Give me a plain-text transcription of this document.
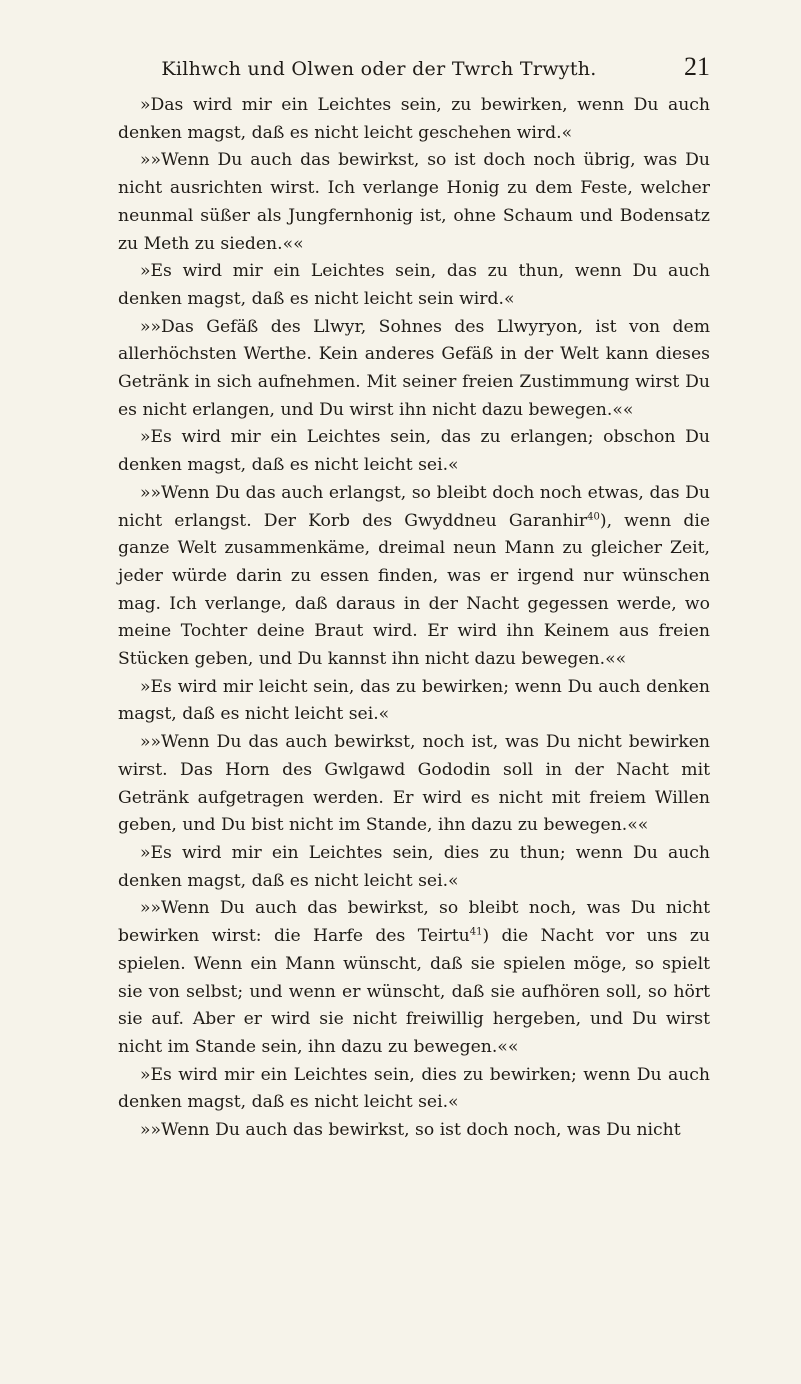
Kilhwch und Olwen oder der Twrch Trwyth.	21

»Das wird mir ein Leichtes sein, zu bewirken, wenn Du auch denken magst, daß es nicht leicht geschehen wird.«

»»Wenn Du auch das bewirkst, so ist doch noch übrig, was Du nicht ausrichten wirst. Ich verlange Honig zu dem Feste, welcher neunmal süßer als Jungfernhonig ist, ohne Schaum und Bodensatz zu Meth zu sieden.««

»Es wird mir ein Leichtes sein, das zu thun, wenn Du auch denken magst, daß es nicht leicht sein wird.«

»»Das Gefäß des Llwyr, Sohnes des Llwyryon, ist von dem allerhöchsten Werthe. Kein anderes Gefäß in der Welt kann dieses Getränk in sich aufnehmen. Mit seiner freien Zustimmung wirst Du es nicht erlangen, und Du wirst ihn nicht dazu bewegen.««

»Es wird mir ein Leichtes sein, das zu erlangen; obschon Du denken magst, daß es nicht leicht sei.«

»»Wenn Du das auch erlangst, so bleibt doch noch etwas, das Du nicht erlangst. Der Korb des Gwyddneu Garanhir$^{40}$), wenn die ganze Welt zusammenkäme, dreimal neun Mann zu gleicher Zeit, jeder würde darin zu essen finden, was er irgend nur wünschen mag. Ich verlange, daß daraus in der Nacht gegessen werde, wo meine Tochter deine Braut wird. Er wird ihn Keinem aus freien Stücken geben, und Du kannst ihn nicht dazu bewegen.««

»Es wird mir leicht sein, das zu bewirken; wenn Du auch denken magst, daß es nicht leicht sei.«

»»Wenn Du das auch bewirkst, noch ist, was Du nicht bewirken wirst. Das Horn des Gwlgawd Gododin soll in der Nacht mit Getränk aufgetragen werden. Er wird es nicht mit freiem Willen geben, und Du bist nicht im Stande, ihn dazu zu bewegen.««

»Es wird mir ein Leichtes sein, dies zu thun; wenn Du auch denken magst, daß es nicht leicht sei.«

»»Wenn Du auch das bewirkst, so bleibt noch, was Du nicht bewirken wirst: die Harfe des Teirtu$^{41}$) die Nacht vor uns zu spielen. Wenn ein Mann wünscht, daß sie spielen möge, so spielt sie von selbst; und wenn er wünscht, daß sie aufhören soll, so hört sie auf. Aber er wird sie nicht freiwillig hergeben, und Du wirst nicht im Stande sein, ihn dazu zu bewegen.««

»Es wird mir ein Leichtes sein, dies zu bewirken; wenn Du auch denken magst, daß es nicht leicht sei.«

»»Wenn Du auch das bewirkst, so ist doch noch, was Du nicht
